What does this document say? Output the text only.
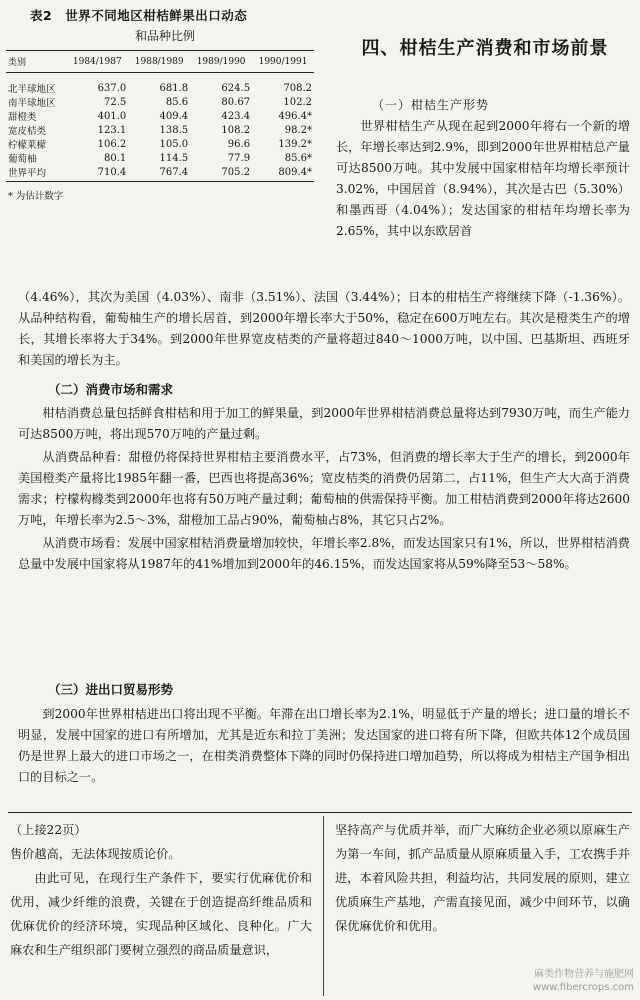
表2　世界不同地区柑桔鲜果出口动态
和品种比例
类别	1984/1987	1988/1989	1989/1990	1990/1991
北半球地区	637.0	681.8	624.5	708.2
南半球地区	72.5	85.6	80.67	102.2
甜橙类	401.0	409.4	423.4	496.4*
宽皮桔类	123.1	138.5	108.2	98.2*
柠檬莱檬	106.2	105.0	96.6	139.2*
葡萄柚	80.1	114.5	77.9	85.6*
世界平均	710.4	767.4	705.2	809.4*
* 为估计数字
四、柑桔生产消费和市场前景
（一）柑桔生产形势

世界柑桔生产从现在起到2000年将右一个新的增长，年增长率达到2.9%，即到2000年世界柑桔总产量可达8500万吨。其中发展中国家柑桔年均增长率预计3.02%，中国居首（8.94%），其次是古巴（5.30%）和墨西哥（4.04%）；发达国家的柑桔年均增长率为2.65%，其中以东欧居首

（4.46%），其次为美国（4.03%）、南非（3.51%）、法国（3.44%）；日本的柑桔生产将继续下降（-1.36%）。从品种结构看，葡萄柚生产的增长居首，到2000年增长率大于50%，稳定在600万吨左右。其次是橙类生产的增长，其增长率将大于34%。到2000年世界宽皮桔类的产量将超过840～1000万吨，以中国、巴基斯坦、西班牙和美国的增长为主。

（二）消费市场和需求

柑桔消费总量包括鲜食柑桔和用于加工的鲜果量，到2000年世界柑桔消费总量将达到7930万吨，而生产能力可达8500万吨，将出现570万吨的产量过剩。

从消费品种看：甜橙仍将保持世界柑桔主要消费水平，占73%，但消费的增长率大于生产的增长，到2000年美国橙类产量将比1985年翻一番，巴西也将提高36%；宽皮桔类的消费仍居第二，占11%，但生产大大高于消费需求；柠檬构橼类到2000年也将有50万吨产量过剩；葡萄柚的供需保持平衡。加工柑桔消费到2000年将达2600万吨，年增长率为2.5～3%，甜橙加工品占90%，葡萄柚占8%，其它只占2%。

从消费市场看：发展中国家柑桔消费量增加较快，年增长率2.8%，而发达国家只有1%，所以，世界柑桔消费总量中发展中国家将从1987年的41%增加到2000年的46.15%，而发达国家将从59%降至53～58%。

（三）进出口贸易形势

到2000年世界柑桔进出口将出现不平衡。年滞在出口增长率为2.1%，明显低于产量的增长；进口量的增长不明显，发展中国家的进口有所增加，尤其是近东和拉丁美洲；发达国家的进口将有所下降，但欧共体12个成员国仍是世界上最大的进口市场之一，在柑类消费整体下降的同时仍保持进口增加趋势，所以将成为柑桔主产国争相出口的目标之一。

（上接22页）

售价越高，无法体现按质论价。

由此可见，在现行生产条件下，要实行优麻优价和优用，减少纤维的浪费，关键在于创造提高纤维品质和优麻优价的经济环境，实现品种区域化、良种化。广大麻农和生产组织部门要树立强烈的商品质量意识，

坚持高产与优质并举，而广大麻纺企业必须以原麻生产为第一车间，抓产品质量从原麻质量入手，工农携手并进，本着风险共担，利益均沾，共同发展的原则，建立优质麻生产基地，产需直接见面，减少中间环节，以确保优麻优价和优用。

麻类作物营养与施肥网
www.fibercrops.com
